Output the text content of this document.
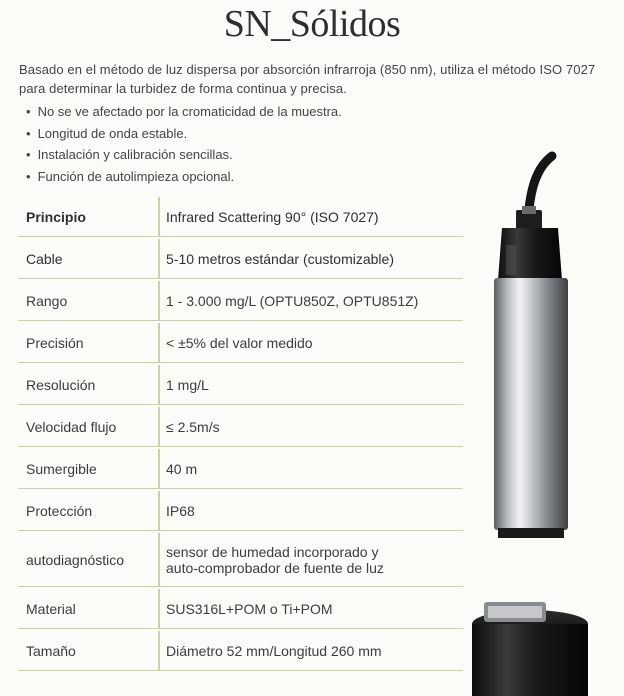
SN_Sólidos
Basado en el método de luz dispersa por absorción infrarroja (850 nm), utiliza el método ISO 7027 para determinar la turbidez de forma continua y precisa.
• No se ve afectado por la cromaticidad de la muestra.
• Longitud de onda estable.
• Instalación y calibración sencillas.
• Función de autolimpieza opcional.
Principio	Infrared Scattering 90° (ISO 7027)
Cable	5-10 metros estándar (customizable)
Rango	1 - 3.000 mg/L (OPTU850Z, OPTU851Z)
Precisión	< ±5% del valor medido
Resolución	1 mg/L
Velocidad flujo	≤ 2.5m/s
Sumergible	40 m
Protección	IP68
autodiagnóstico	sensor de humedad incorporado y
auto-comprobador de fuente de luz

Material	SUS316L+POM o Ti+POM
Tamaño	Diámetro 52 mm/Longitud 260 mm
